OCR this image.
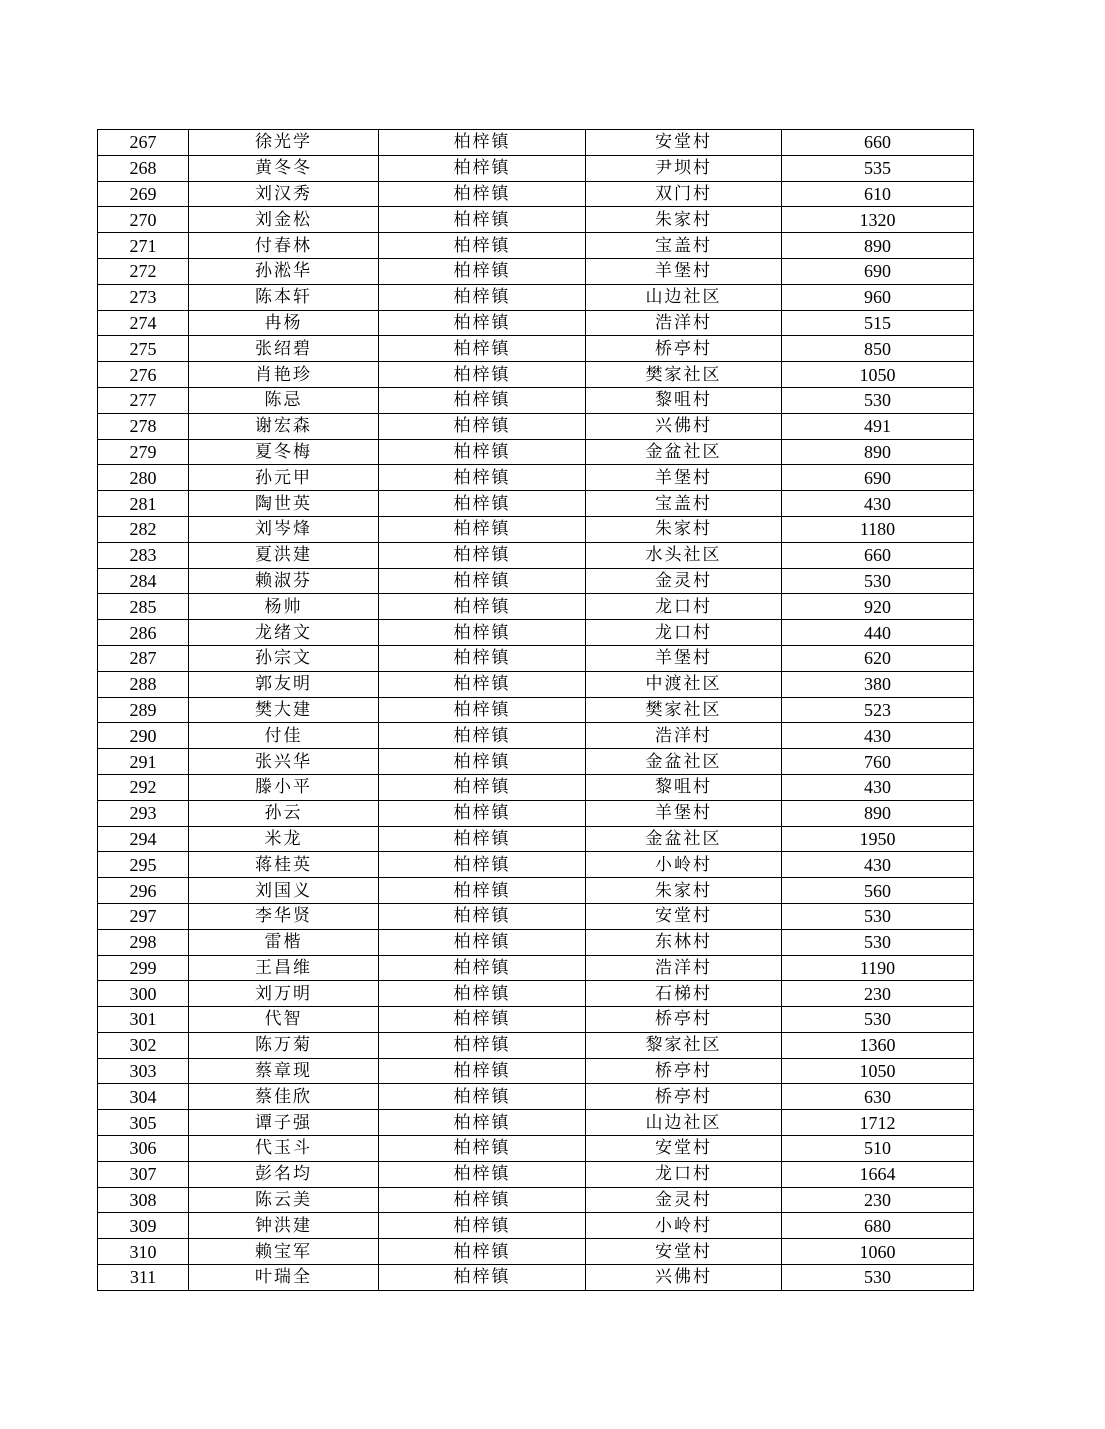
267	徐光学	柏梓镇	安堂村	660
268	黄冬冬	柏梓镇	尹坝村	535
269	刘汉秀	柏梓镇	双门村	610
270	刘金松	柏梓镇	朱家村	1320
271	付春林	柏梓镇	宝盖村	890
272	孙淞华	柏梓镇	羊堡村	690
273	陈本轩	柏梓镇	山边社区	960
274	冉杨	柏梓镇	浩洋村	515
275	张绍碧	柏梓镇	桥亭村	850
276	肖艳珍	柏梓镇	樊家社区	1050
277	陈忌	柏梓镇	黎咀村	530
278	谢宏森	柏梓镇	兴佛村	491
279	夏冬梅	柏梓镇	金盆社区	890
280	孙元甲	柏梓镇	羊堡村	690
281	陶世英	柏梓镇	宝盖村	430
282	刘岑烽	柏梓镇	朱家村	1180
283	夏洪建	柏梓镇	水头社区	660
284	赖淑芬	柏梓镇	金灵村	530
285	杨帅	柏梓镇	龙口村	920
286	龙绪文	柏梓镇	龙口村	440
287	孙宗文	柏梓镇	羊堡村	620
288	郭友明	柏梓镇	中渡社区	380
289	樊大建	柏梓镇	樊家社区	523
290	付佳	柏梓镇	浩洋村	430
291	张兴华	柏梓镇	金盆社区	760
292	滕小平	柏梓镇	黎咀村	430
293	孙云	柏梓镇	羊堡村	890
294	米龙	柏梓镇	金盆社区	1950
295	蒋桂英	柏梓镇	小岭村	430
296	刘国义	柏梓镇	朱家村	560
297	李华贤	柏梓镇	安堂村	530
298	雷楷	柏梓镇	东林村	530
299	王昌维	柏梓镇	浩洋村	1190
300	刘万明	柏梓镇	石梯村	230
301	代智	柏梓镇	桥亭村	530
302	陈万菊	柏梓镇	黎家社区	1360
303	蔡章现	柏梓镇	桥亭村	1050
304	蔡佳欣	柏梓镇	桥亭村	630
305	谭子强	柏梓镇	山边社区	1712
306	代玉斗	柏梓镇	安堂村	510
307	彭名均	柏梓镇	龙口村	1664
308	陈云美	柏梓镇	金灵村	230
309	钟洪建	柏梓镇	小岭村	680
310	赖宝军	柏梓镇	安堂村	1060
311	叶瑞全	柏梓镇	兴佛村	530
